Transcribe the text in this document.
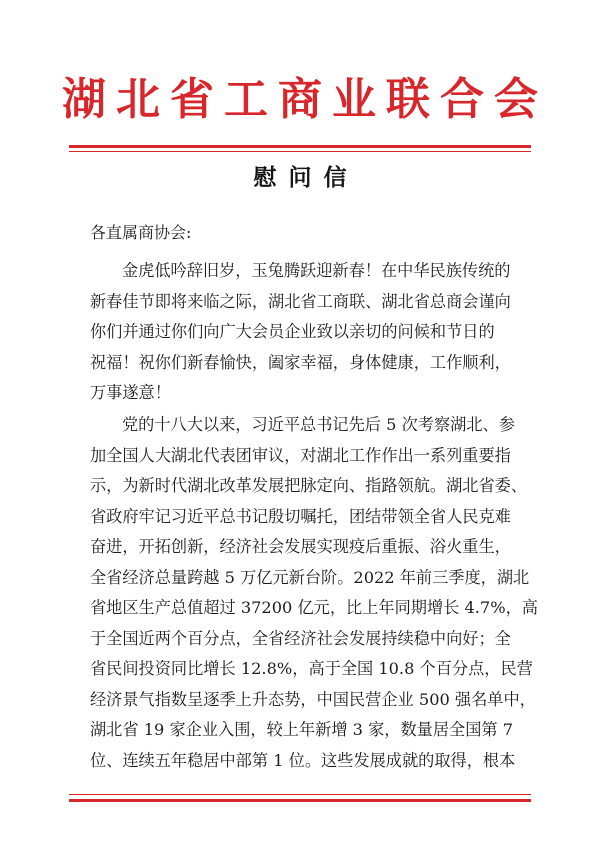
湖北省工商业联合会
慰问信
各直属商协会:
金虎低吟辞旧岁，玉兔腾跃迎新春！在中华民族传统的
新春佳节即将来临之际，湖北省工商联、湖北省总商会谨向
你们并通过你们向广大会员企业致以亲切的问候和节日的
祝福！祝你们新春愉快，阖家幸福，身体健康，工作顺利，
万事遂意！
党的十八大以来，习近平总书记先后 5 次考察湖北、参
加全国人大湖北代表团审议，对湖北工作作出一系列重要指
示，为新时代湖北改革发展把脉定向、指路领航。湖北省委、
省政府牢记习近平总书记殷切嘱托，团结带领全省人民克难
奋进，开拓创新，经济社会发展实现疫后重振、浴火重生，
全省经济总量跨越 5 万亿元新台阶。2022 年前三季度，湖北
省地区生产总值超过 37200 亿元，比上年同期增长 4.7%，高
于全国近两个百分点，全省经济社会发展持续稳中向好；全
省民间投资同比增长 12.8%，高于全国 10.8 个百分点，民营
经济景气指数呈逐季上升态势，中国民营企业 500 强名单中，
湖北省 19 家企业入围，较上年新增 3 家，数量居全国第 7
位、连续五年稳居中部第 1 位。这些发展成就的取得，根本
